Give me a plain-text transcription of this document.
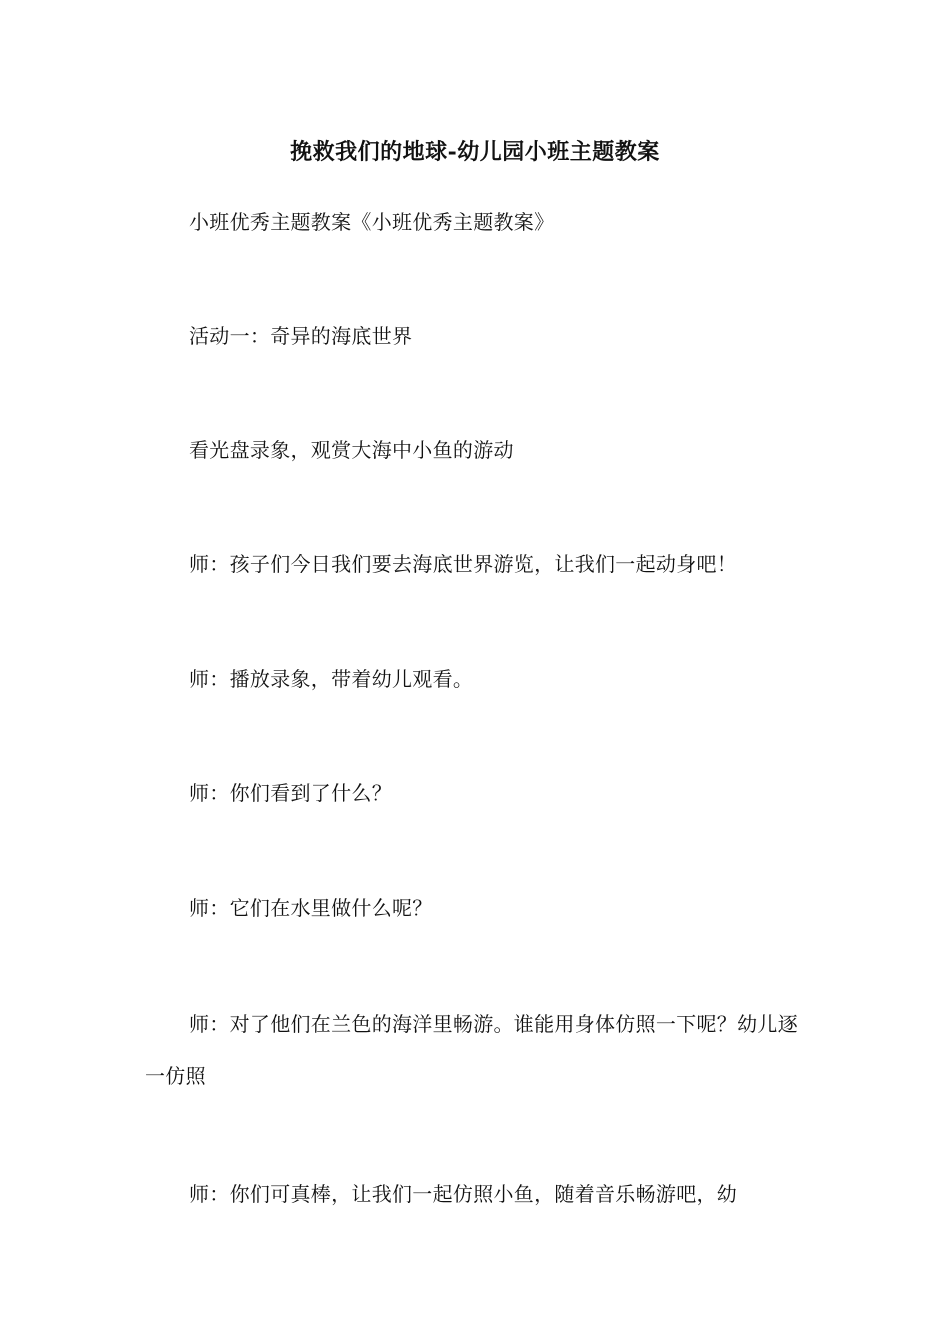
挽救我们的地球-幼儿园小班主题教案
小班优秀主题教案《小班优秀主题教案》
活动一：奇异的海底世界
看光盘录象，观赏大海中小鱼的游动
师：孩子们今日我们要去海底世界游览，让我们一起动身吧！
师：播放录象，带着幼儿观看。
师：你们看到了什么？
师：它们在水里做什么呢？
师：对了他们在兰色的海洋里畅游。谁能用身体仿照一下呢？幼儿逐一仿照
师：你们可真棒，让我们一起仿照小鱼，随着音乐畅游吧，幼
